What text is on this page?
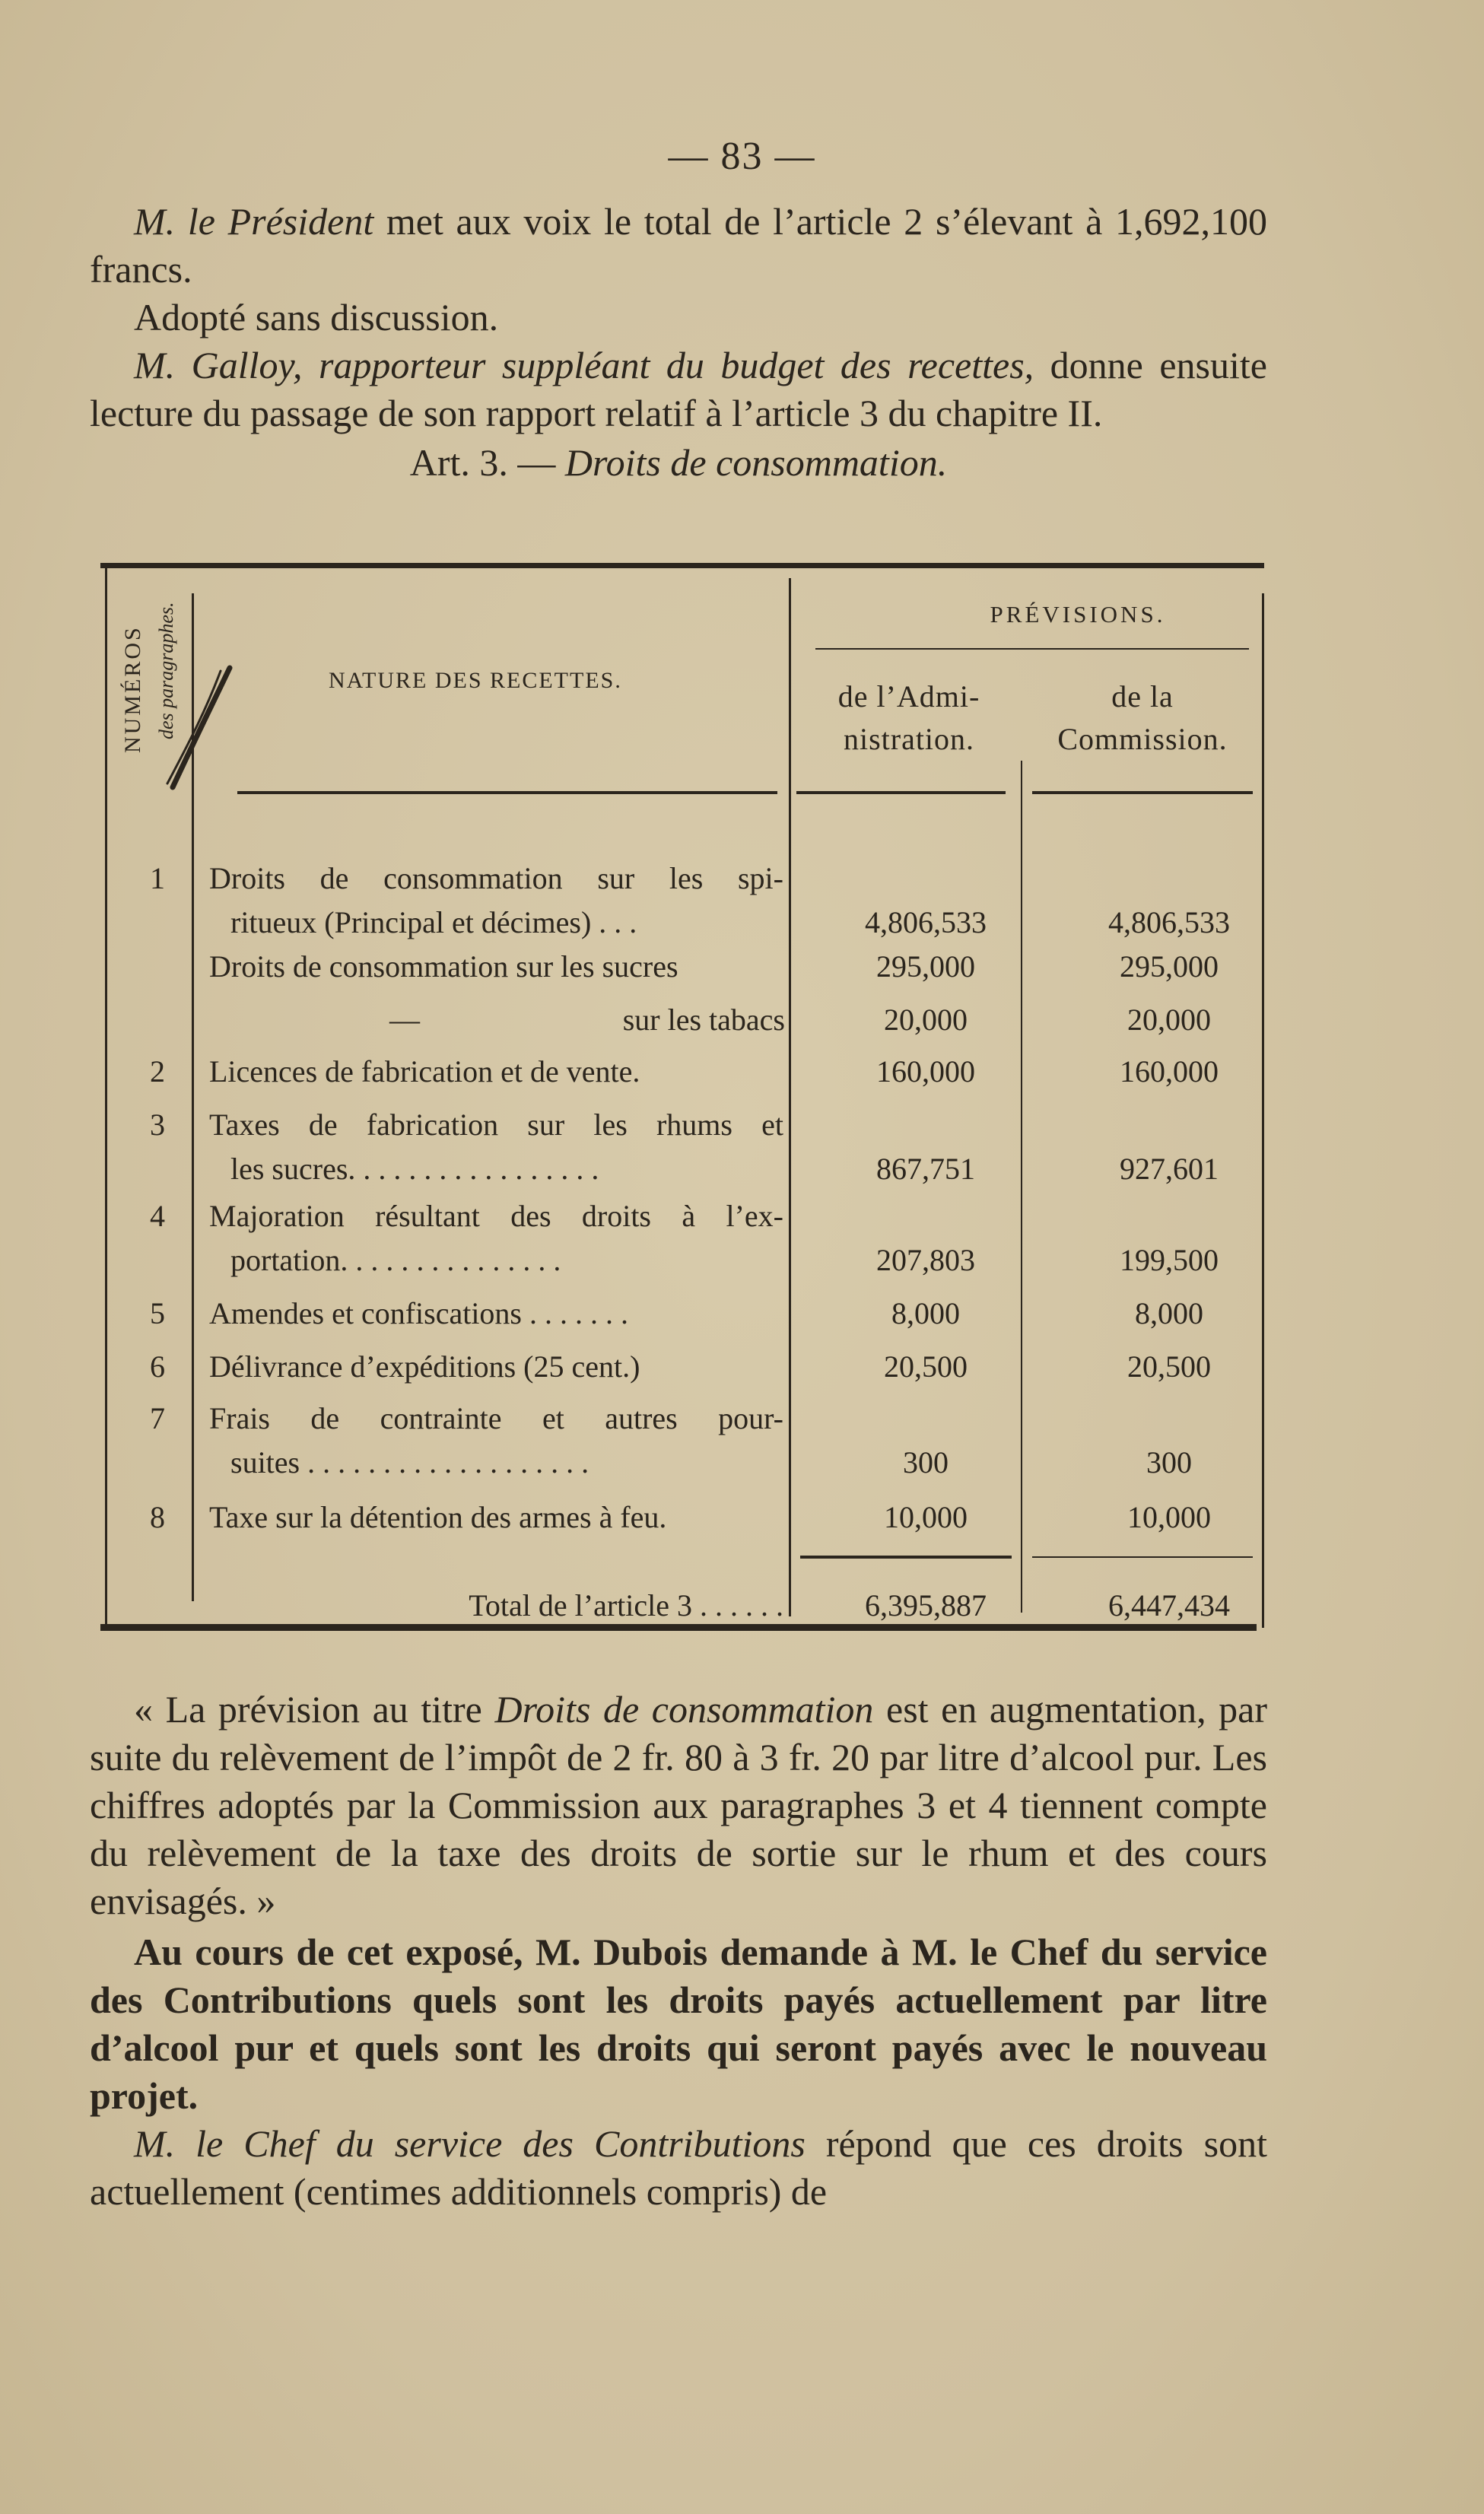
— 83 —

M. le Président met aux voix le total de l’article 2 s’élevant à 1,692,100 francs.

Adopté sans discussion.

M. Galloy, rapporteur suppléant du budget des recettes, donne ensuite lecture du passage de son rapport relatif à l’article 3 du chapitre II.

Art. 3. — Droits de consommation.

NUMÉROS des paragraphes.	NATURE DES RECETTES.
PRÉVISIONS.
de l’Admi-
nistration.
de la
Commission.
1	Droits de consommation sur les spi-
ritueux (Principal et décimes) . . .	4,806,533	4,806,533
Droits de consommation sur les sucres	295,000	295,000
—	sur les tabacs	20,000	20,000
2	Licences de fabrication et de vente.	160,000	160,000
3	Taxes de fabrication sur les rhums et
les sucres. . . . . . . . . . . . . . . . .	867,751	927,601
4	Majoration résultant des droits à l’ex-
portation. . . . . . . . . . . . . . .	207,803	199,500
5	Amendes et confiscations . . . . . . .	8,000	8,000
6	Délivrance d’expéditions (25 cent.)	20,500	20,500
7	Frais de contrainte et autres pour-
suites . . . . . . . . . . . . . . . . . . .	300	300
8	Taxe sur la détention des armes à feu.	10,000	10,000
Total de l’article 3 . . . . . .	6,395,887	6,447,434

« La prévision au titre Droits de consommation est en augmentation, par suite du relèvement de l’impôt de 2 fr. 80 à 3 fr. 20 par litre d’alcool pur. Les chiffres adoptés par la Commission aux paragraphes 3 et 4 tiennent compte du relèvement de la taxe des droits de sortie sur le rhum et des cours envisagés. »

Au cours de cet exposé, M. Dubois demande à M. le Chef du service des Contributions quels sont les droits payés actuellement par litre d’alcool pur et quels sont les droits qui seront payés avec le nouveau projet.

M. le Chef du service des Contributions répond que ces droits sont actuellement (centimes additionnels compris) de
